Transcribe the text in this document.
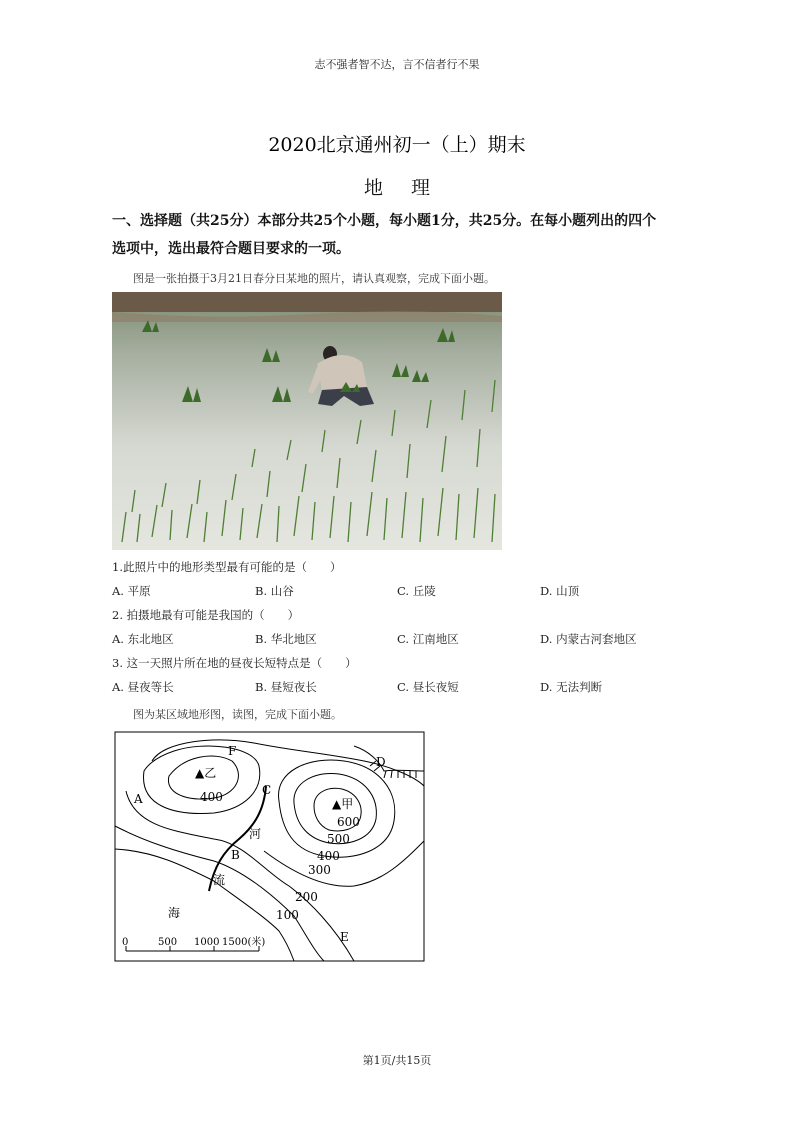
志不强者智不达，言不信者行不果
2020北京通州初一（上）期末
地理
一、选择题（共25分）本部分共25个小题，每小题1分，共25分。在每小题列出的四个
选项中，选出最符合题目要求的一项。
图是一张拍摄于3月21日春分日某地的照片，请认真观察，完成下面小题。
1.此照片中的地形类型最有可能的是（　　）
A. 平原	B. 山谷	C. 丘陵	D. 山顶
2. 拍摄地最有可能是我国的（　　）
A. 东北地区	B. 华北地区	C. 江南地区	D. 内蒙古河套地区
3. 这一天照片所在地的昼夜长短特点是（　　）
A. 昼夜等长	B. 昼短夜长	C. 昼长夜短	D. 无法判断
图为某区域地形图，读图，完成下面小题。
F
▲乙
400
A
C
D
▲甲
600
500
河
B	400
300
流
200
100
海
E
0	500 1000 1500(米)
第1页/共15页
